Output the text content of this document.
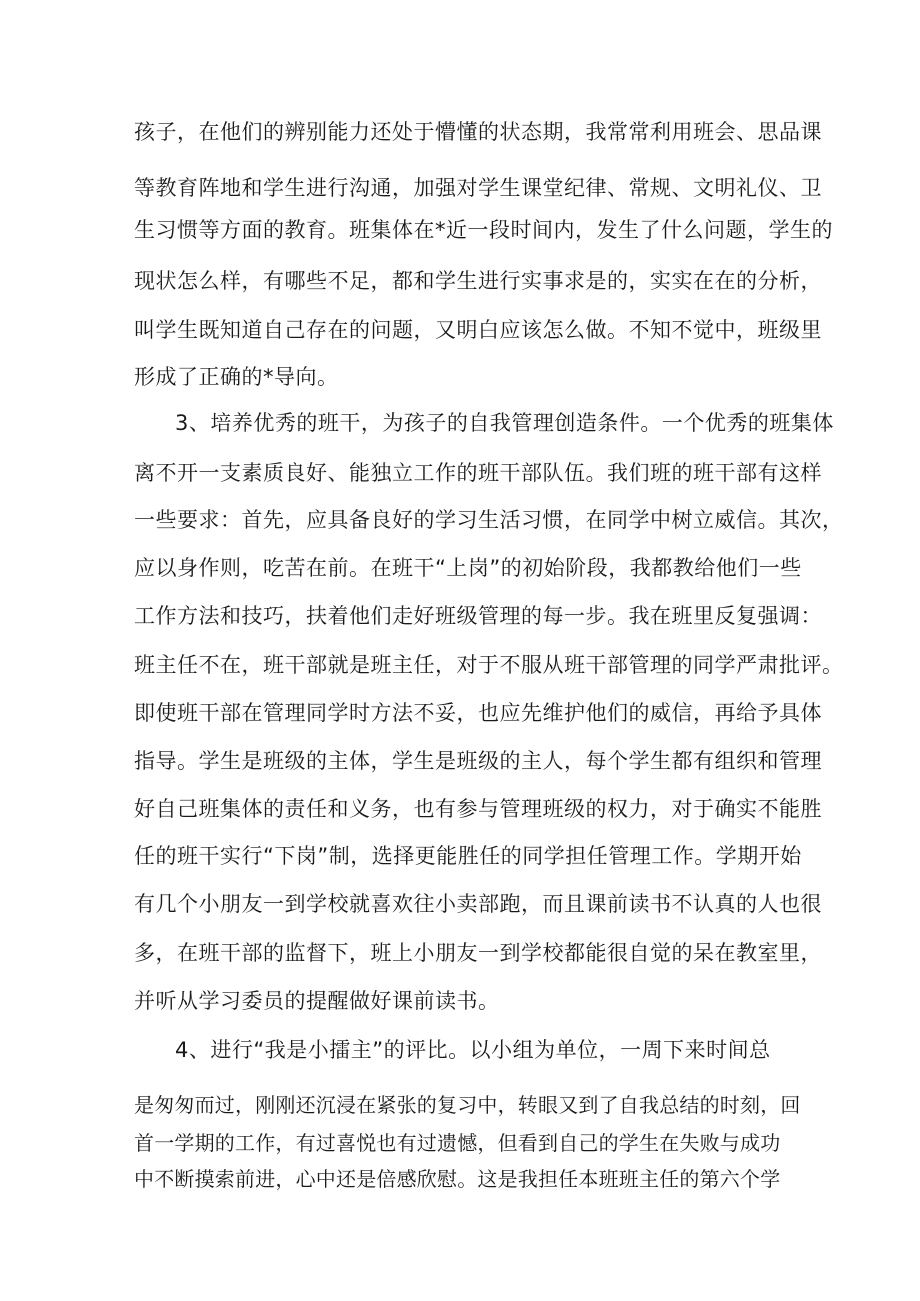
孩子，在他们的辨别能力还处于懵懂的状态期，我常常利用班会、思品课
等教育阵地和学生进行沟通，加强对学生课堂纪律、常规、文明礼仪、卫
生习惯等方面的教育。班集体在*近一段时间内，发生了什么问题，学生的
现状怎么样，有哪些不足，都和学生进行实事求是的，实实在在的分析，
叫学生既知道自己存在的问题，又明白应该怎么做。不知不觉中，班级里
形成了正确的*导向。
3、培养优秀的班干，为孩子的自我管理创造条件。一个优秀的班集体
离不开一支素质良好、能独立工作的班干部队伍。我们班的班干部有这样
一些要求：首先，应具备良好的学习生活习惯，在同学中树立威信。其次，
应以身作则，吃苦在前。在班干“上岗”的初始阶段，我都教给他们一些
工作方法和技巧，扶着他们走好班级管理的每一步。我在班里反复强调：
班主任不在，班干部就是班主任，对于不服从班干部管理的同学严肃批评。
即使班干部在管理同学时方法不妥，也应先维护他们的威信，再给予具体
指导。学生是班级的主体，学生是班级的主人，每个学生都有组织和管理
好自己班集体的责任和义务，也有参与管理班级的权力，对于确实不能胜
任的班干实行“下岗”制，选择更能胜任的同学担任管理工作。学期开始
有几个小朋友一到学校就喜欢往小卖部跑，而且课前读书不认真的人也很
多，在班干部的监督下，班上小朋友一到学校都能很自觉的呆在教室里，
并听从学习委员的提醒做好课前读书。
4、进行“我是小擂主”的评比。以小组为单位，一周下来时间总
是匆匆而过，刚刚还沉浸在紧张的复习中，转眼又到了自我总结的时刻，回
首一学期的工作，有过喜悦也有过遗憾，但看到自己的学生在失败与成功
中不断摸索前进，心中还是倍感欣慰。这是我担任本班班主任的第六个学
